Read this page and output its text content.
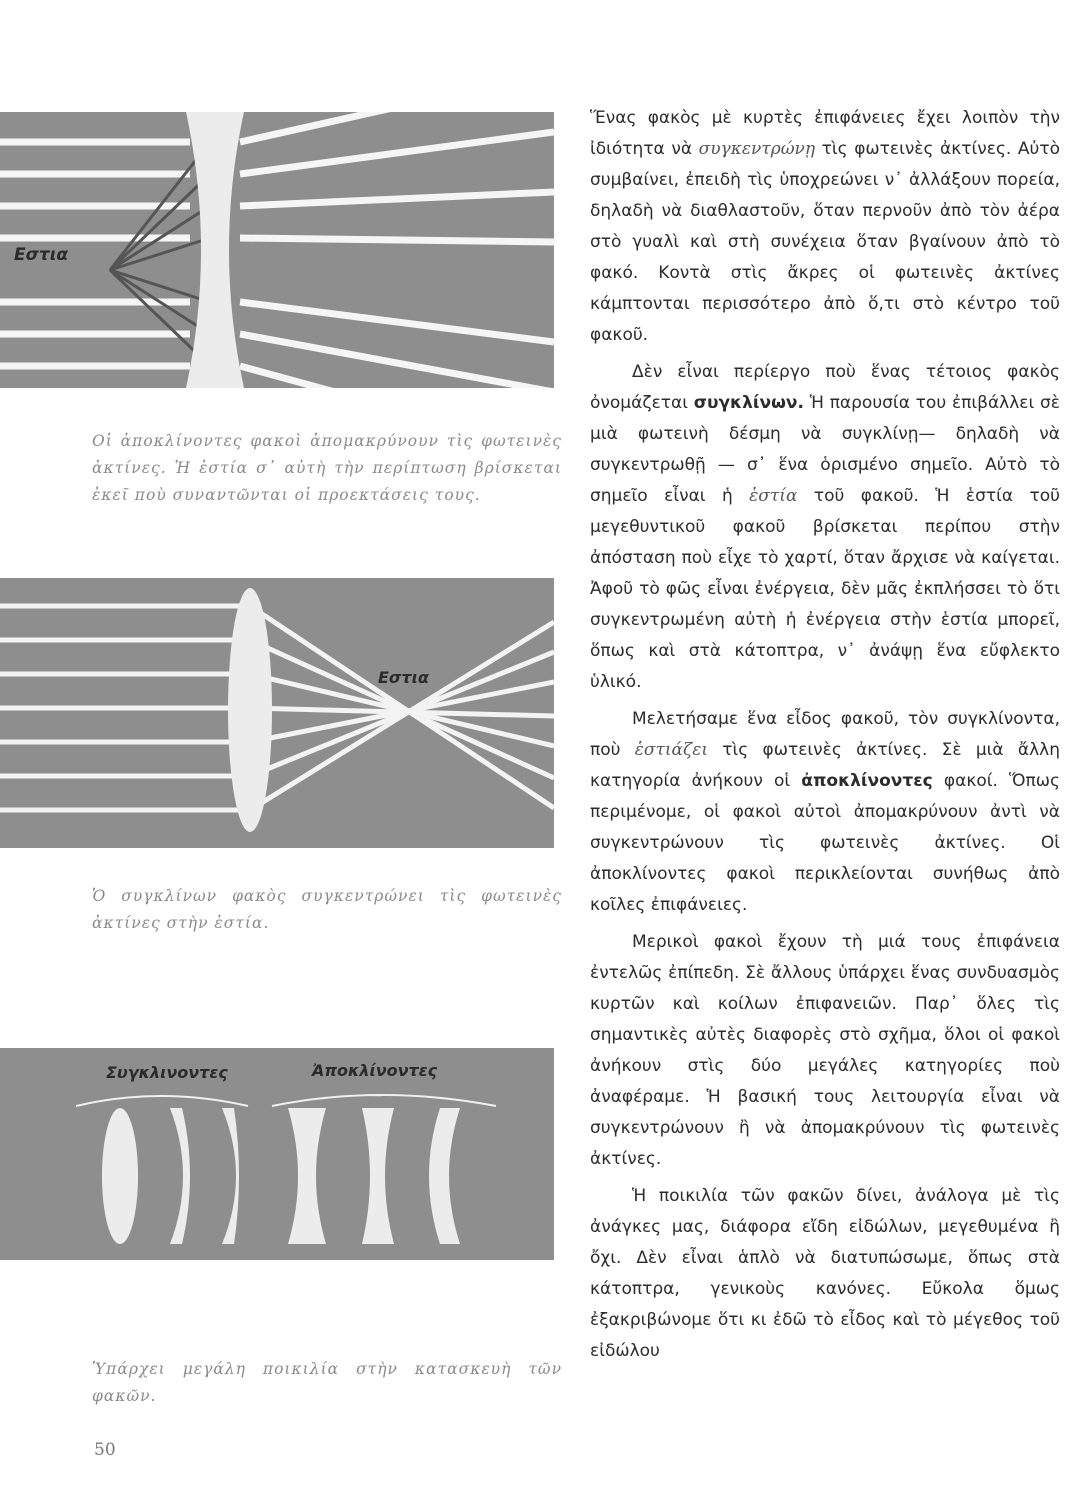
Εστια

Οἱ ἀποκλίνοντες φακοὶ ἀπομακρύνουν τὶς φωτεινὲς ἀκτίνες. Ἡ ἑστία σ᾽ αὐτὴ τὴν περίπτωση βρίσκεται ἐκεῖ ποὺ συναντῶνται οἱ προεκτάσεις τους.

Εστια

Ὁ συγκλίνων φακὸς συγκεντρώνει τὶς φωτεινὲς ἀκτίνες στὴν ἑστία.

Συγκλινοντες	Ἀποκλίνοντες

Ὑπάρχει μεγάλη ποικιλία στὴν κατασκευὴ τῶν φακῶν.

50

Ἕνας φακὸς μὲ κυρτὲς ἐπιφάνειες ἔχει λοιπὸν τὴν ἰδιότητα νὰ συγκεντρώνῃ τὶς φωτεινὲς ἀκτίνες. Αὐτὸ συμβαίνει, ἐπειδὴ τὶς ὑποχρεώνει ν᾽ ἀλλάξουν πορεία, δηλαδὴ νὰ διαθλαστοῦν, ὅταν περνοῦν ἀπὸ τὸν ἀέρα στὸ γυαλὶ καὶ στὴ συνέχεια ὅταν βγαίνουν ἀπὸ τὸ φακό. Κοντὰ στὶς ἄκρες οἱ φωτεινὲς ἀκτίνες κάμπτονται περισσότερο ἀπὸ ὅ,τι στὸ κέντρο τοῦ φακοῦ.

Δὲν εἶναι περίεργο ποὺ ἕνας τέτοιος φακὸς ὀνομάζεται συγκλίνων. Ἡ παρουσία του ἐπιβάλλει σὲ μιὰ φωτεινὴ δέσμη νὰ συγκλίνῃ— δηλαδὴ νὰ συγκεντρωθῇ — σ᾽ ἕνα ὁρισμένο σημεῖο. Αὐτὸ τὸ σημεῖο εἶναι ἡ ἑστία τοῦ φακοῦ. Ἡ ἑστία τοῦ μεγεθυντικοῦ φακοῦ βρίσκεται περίπου στὴν ἀπόσταση ποὺ εἶχε τὸ χαρτί, ὅταν ἄρχισε νὰ καίγεται. Ἀφοῦ τὸ φῶς εἶναι ἐνέργεια, δὲν μᾶς ἐκπλήσσει τὸ ὅτι συγκεντρωμένη αὐτὴ ἡ ἐνέργεια στὴν ἑστία μπορεῖ, ὅπως καὶ στὰ κάτοπτρα, ν᾽ ἀνάψῃ ἕνα εὔφλεκτο ὑλικό.

Μελετήσαμε ἕνα εἶδος φακοῦ, τὸν συγκλίνοντα, ποὺ ἑστιάζει τὶς φωτεινὲς ἀκτίνες. Σὲ μιὰ ἄλλη κατηγορία ἀνήκουν οἱ ἀποκλίνοντες φακοί. Ὅπως περιμένομε, οἱ φακοὶ αὐτοὶ ἀπομακρύνουν ἀντὶ νὰ συγκεντρώνουν τὶς φωτεινὲς ἀκτίνες. Οἱ ἀποκλίνοντες φακοὶ περικλείονται συνήθως ἀπὸ κοῖλες ἐπιφάνειες.

Μερικοὶ φακοὶ ἔχουν τὴ μιά τους ἐπιφάνεια ἐντελῶς ἐπίπεδη. Σὲ ἄλλους ὑπάρχει ἕνας συνδυασμὸς κυρτῶν καὶ κοίλων ἐπιφανειῶν. Παρ᾽ ὅλες τὶς σημαντικὲς αὐτὲς διαφορὲς στὸ σχῆμα, ὅλοι οἱ φακοὶ ἀνήκουν στὶς δύο μεγάλες κατηγορίες ποὺ ἀναφέραμε. Ἡ βασική τους λειτουργία εἶναι νὰ συγκεντρώνουν ἢ νὰ ἀπομακρύνουν τὶς φωτεινὲς ἀκτίνες.

Ἡ ποικιλία τῶν φακῶν δίνει, ἀνάλογα μὲ τὶς ἀνάγκες μας, διάφορα εἴδη εἰδώλων, μεγεθυμένα ἢ ὄχι. Δὲν εἶναι ἁπλὸ νὰ διατυπώσωμε, ὅπως στὰ κάτοπτρα, γενικοὺς κανόνες. Εὔκολα ὅμως ἐξακριβώνομε ὅτι κι ἐδῶ τὸ εἶδος καὶ τὸ μέγεθος τοῦ εἰδώλου
